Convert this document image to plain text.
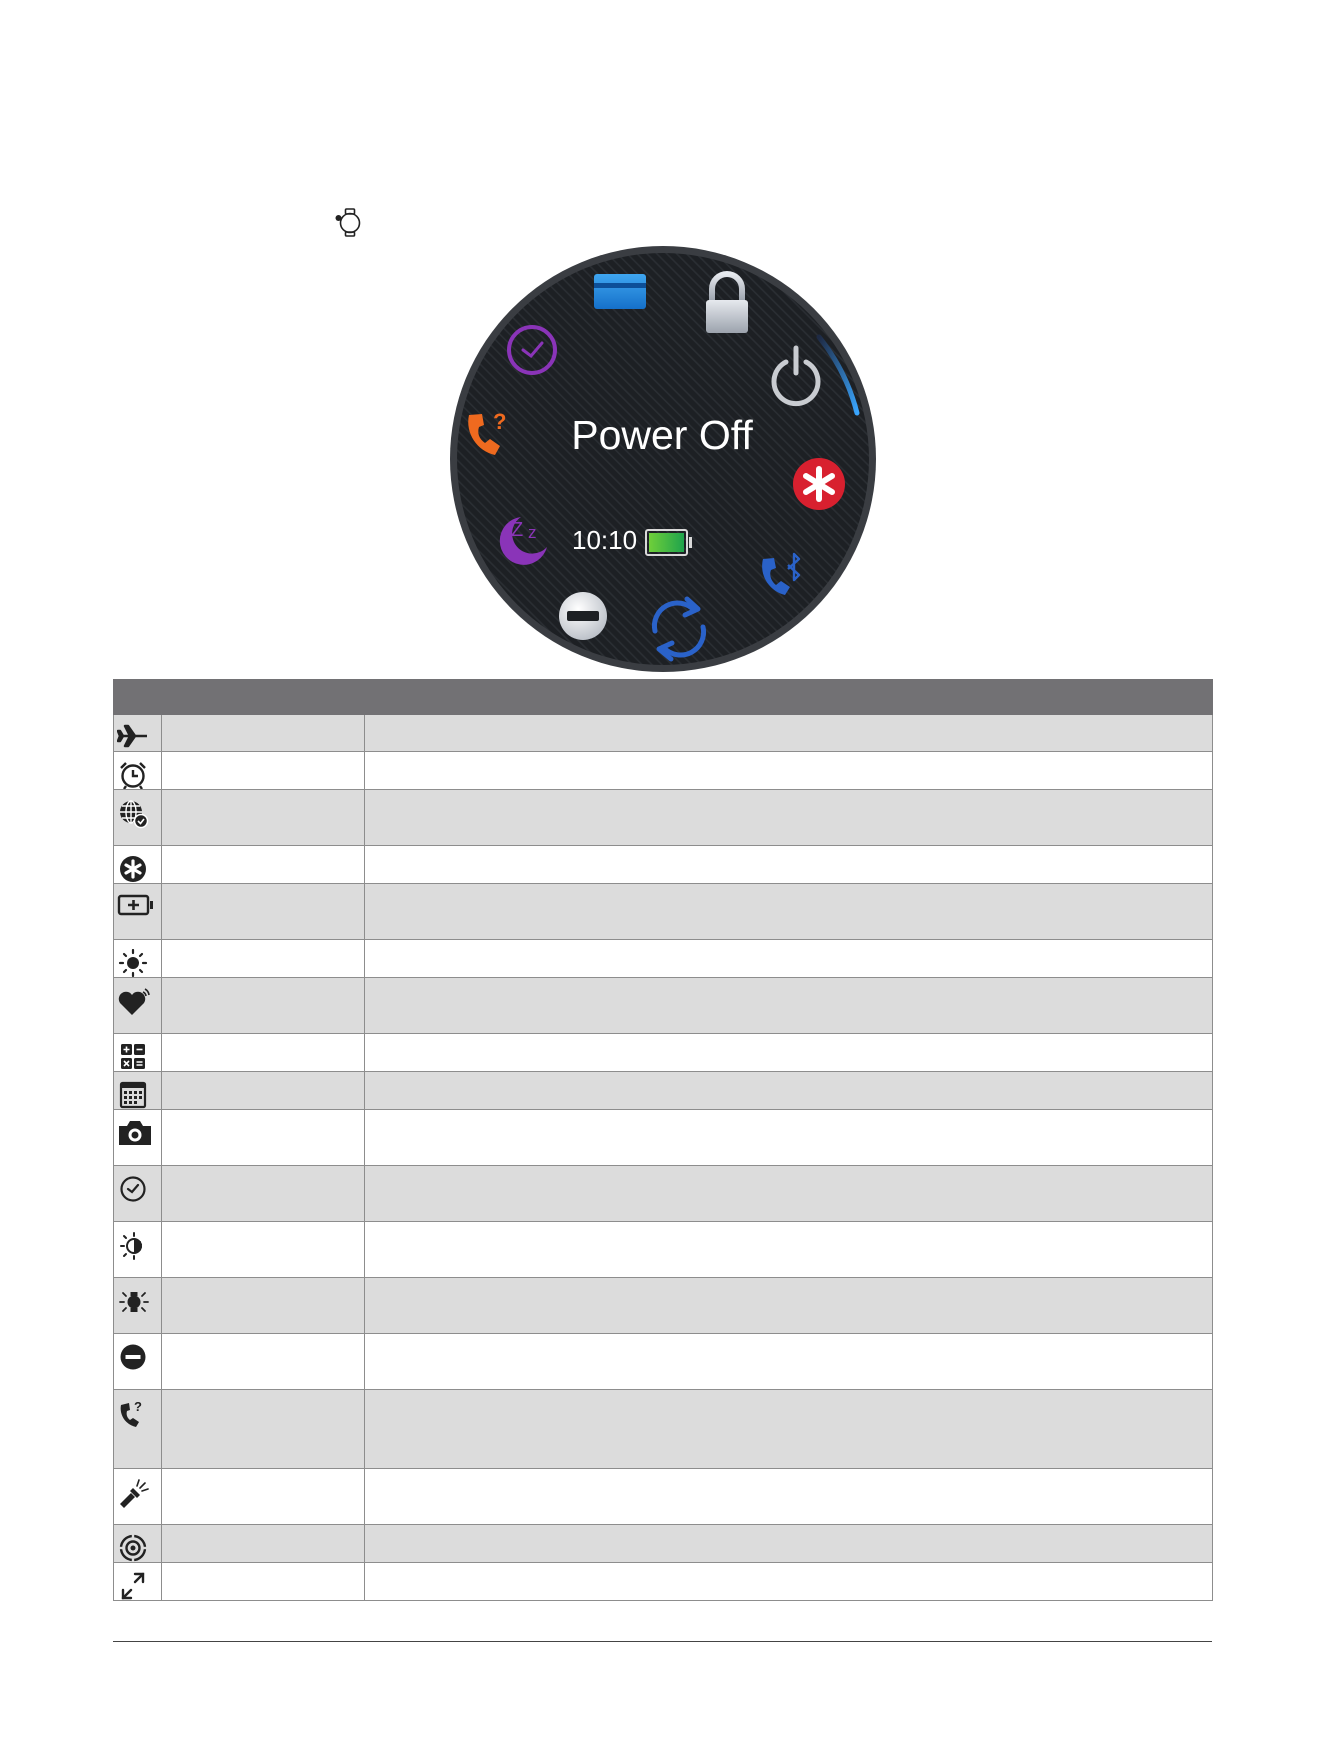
? Power Off
Z z 10:10

?		
